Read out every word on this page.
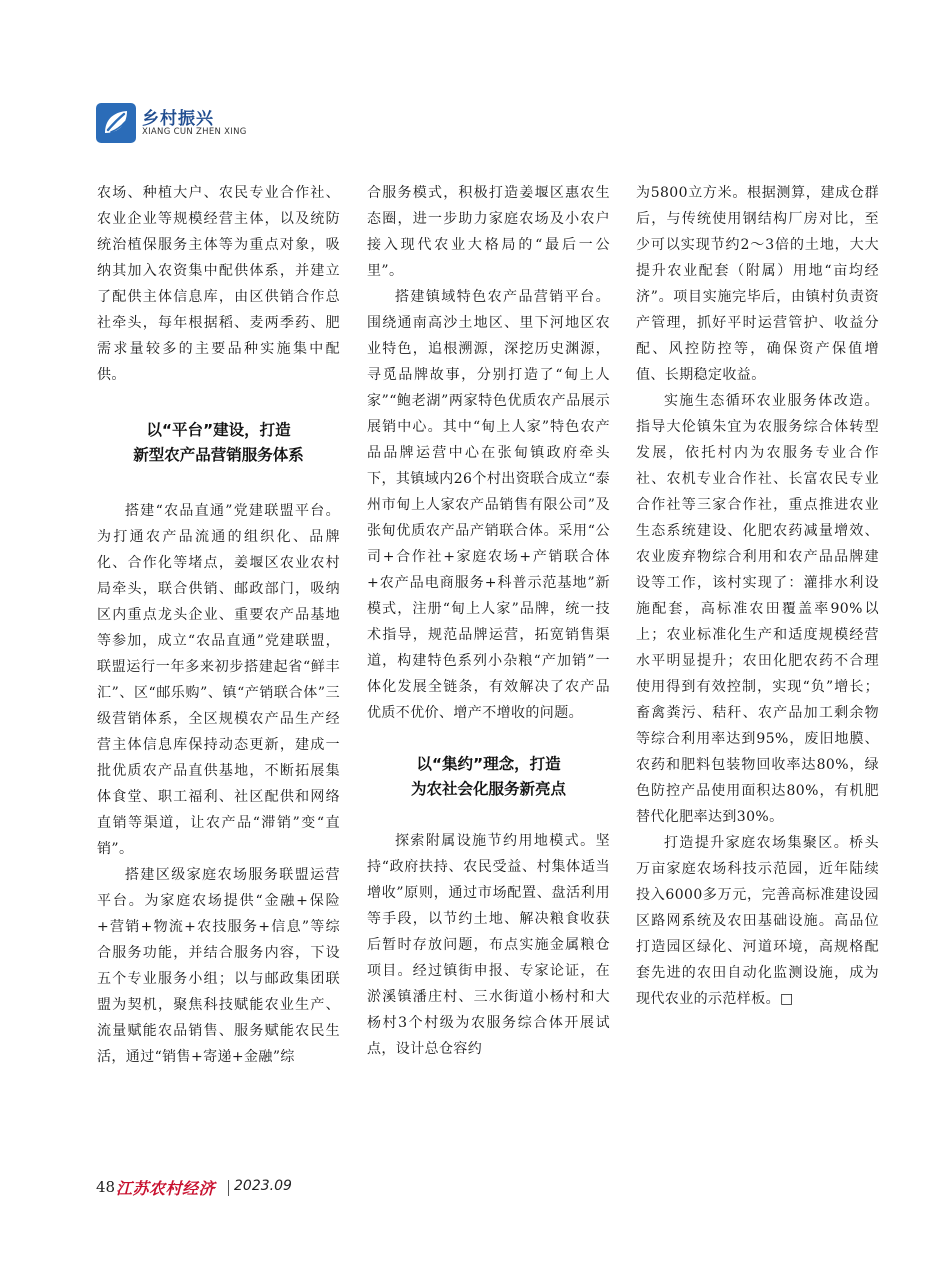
乡村振兴
XIANG CUN ZHEN XING

农场、种植大户、农民专业合作社、农业企业等规模经营主体，以及统防统治植保服务主体等为重点对象，吸纳其加入农资集中配供体系，并建立了配供主体信息库，由区供销合作总社牵头，每年根据稻、麦两季药、肥需求量较多的主要品种实施集中配供。

以“平台”建设，打造
新型农产品营销服务体系

搭建“农品直通”党建联盟平台。为打通农产品流通的组织化、品牌化、合作化等堵点，姜堰区农业农村局牵头，联合供销、邮政部门，吸纳区内重点龙头企业、重要农产品基地等参加，成立“农品直通”党建联盟，联盟运行一年多来初步搭建起省“鲜丰汇”、区“邮乐购”、镇“产销联合体”三级营销体系，全区规模农产品生产经营主体信息库保持动态更新，建成一批优质农产品直供基地，不断拓展集体食堂、职工福利、社区配供和网络直销等渠道，让农产品“滞销”变“直销”。

搭建区级家庭农场服务联盟运营平台。为家庭农场提供“金融+保险+营销+物流+农技服务+信息”等综合服务功能，并结合服务内容，下设五个专业服务小组；以与邮政集团联盟为契机，聚焦科技赋能农业生产、流量赋能农品销售、服务赋能农民生活，通过“销售+寄递+金融”综

合服务模式，积极打造姜堰区惠农生态圈，进一步助力家庭农场及小农户接入现代农业大格局的“最后一公里”。

搭建镇域特色农产品营销平台。围绕通南高沙土地区、里下河地区农业特色，追根溯源，深挖历史渊源，寻觅品牌故事，分别打造了“甸上人家”“鲍老湖”两家特色优质农产品展示展销中心。其中“甸上人家”特色农产品品牌运营中心在张甸镇政府牵头下，其镇域内26个村出资联合成立“泰州市甸上人家农产品销售有限公司”及张甸优质农产品产销联合体。采用“公司+合作社+家庭农场+产销联合体+农产品电商服务+科普示范基地”新模式，注册“甸上人家”品牌，统一技术指导，规范品牌运营，拓宽销售渠道，构建特色系列小杂粮“产加销”一体化发展全链条，有效解决了农产品优质不优价、增产不增收的问题。

以“集约”理念，打造
为农社会化服务新亮点

探索附属设施节约用地模式。坚持“政府扶持、农民受益、村集体适当增收”原则，通过市场配置、盘活利用等手段，以节约土地、解决粮食收获后暂时存放问题，布点实施金属粮仓项目。经过镇街申报、专家论证，在淤溪镇潘庄村、三水街道小杨村和大杨村3个村级为农服务综合体开展试点，设计总仓容约

为5800立方米。根据测算，建成仓群后，与传统使用钢结构厂房对比，至少可以实现节约2～3倍的土地，大大提升农业配套（附属）用地“亩均经济”。项目实施完毕后，由镇村负责资产管理，抓好平时运营管护、收益分配、风控防控等，确保资产保值增值、长期稳定收益。

实施生态循环农业服务体改造。指导大伦镇朱宜为农服务综合体转型发展，依托村内为农服务专业合作社、农机专业合作社、长富农民专业合作社等三家合作社，重点推进农业生态系统建设、化肥农药减量增效、农业废弃物综合利用和农产品品牌建设等工作，该村实现了：灌排水利设施配套，高标准农田覆盖率90%以上；农业标准化生产和适度规模经营水平明显提升；农田化肥农药不合理使用得到有效控制，实现“负”增长；畜禽粪污、秸秆、农产品加工剩余物等综合利用率达到95%，废旧地膜、农药和肥料包装物回收率达80%，绿色防控产品使用面积达80%，有机肥替代化肥率达到30%。

打造提升家庭农场集聚区。桥头万亩家庭农场科技示范园，近年陆续投入6000多万元，完善高标准建设园区路网系统及农田基础设施。高品位打造园区绿化、河道环境，高规格配套先进的农田自动化监测设施，成为现代农业的示范样板。□

48 江苏农村经济 2023.09
